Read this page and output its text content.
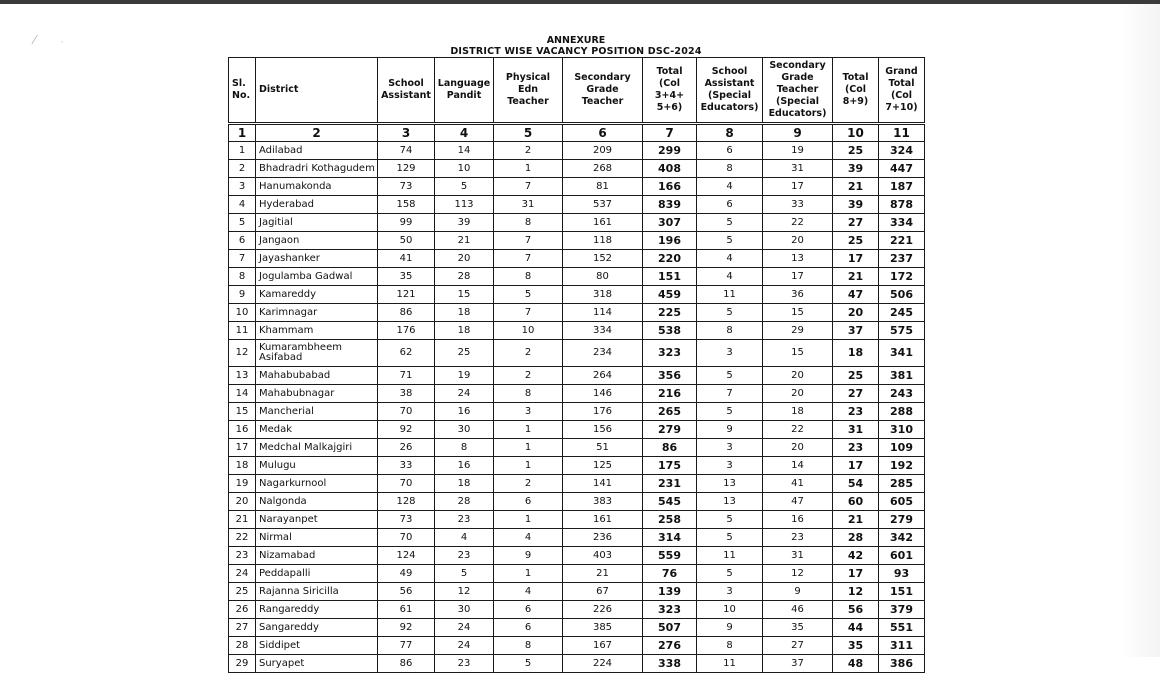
⁄ ·	ANNEXURE
DISTRICT WISE VACANCY POSITION DSC-2024
Sl. No.	District	School Assistant	Language Pandit	Physical Edn Teacher	Secondary Grade Teacher	Total (Col 3+4+ 5+6)	School Assistant (Special Educators)	Secondary Grade Teacher (Special Educators)	Total (Col 8+9)	Grand Total (Col 7+10)
1	2	3	4	5	6	7	8	9	10	11
1	Adilabad	74	14	2	209	299	6	19	25	324
2	Bhadradri Kothagudem	129	10	1	268	408	8	31	39	447
3	Hanumakonda	73	5	7	81	166	4	17	21	187
4	Hyderabad	158	113	31	537	839	6	33	39	878
5	Jagitial	99	39	8	161	307	5	22	27	334
6	Jangaon	50	21	7	118	196	5	20	25	221
7	Jayashanker	41	20	7	152	220	4	13	17	237
8	Jogulamba Gadwal	35	28	8	80	151	4	17	21	172
9	Kamareddy	121	15	5	318	459	11	36	47	506
10	Karimnagar	86	18	7	114	225	5	15	20	245
11	Khammam	176	18	10	334	538	8	29	37	575
12	Kumarambheem Asifabad	62	25	2	234	323	3	15	18	341
13	Mahabubabad	71	19	2	264	356	5	20	25	381
14	Mahabubnagar	38	24	8	146	216	7	20	27	243
15	Mancherial	70	16	3	176	265	5	18	23	288
16	Medak	92	30	1	156	279	9	22	31	310
17	Medchal Malkajgiri	26	8	1	51	86	3	20	23	109
18	Mulugu	33	16	1	125	175	3	14	17	192
19	Nagarkurnool	70	18	2	141	231	13	41	54	285
20	Nalgonda	128	28	6	383	545	13	47	60	605
21	Narayanpet	73	23	1	161	258	5	16	21	279
22	Nirmal	70	4	4	236	314	5	23	28	342
23	Nizamabad	124	23	9	403	559	11	31	42	601
24	Peddapalli	49	5	1	21	76	5	12	17	93
25	Rajanna Siricilla	56	12	4	67	139	3	9	12	151
26	Rangareddy	61	30	6	226	323	10	46	56	379
27	Sangareddy	92	24	6	385	507	9	35	44	551
28	Siddipet	77	24	8	167	276	8	27	35	311
29	Suryapet	86	23	5	224	338	11	37	48	386
